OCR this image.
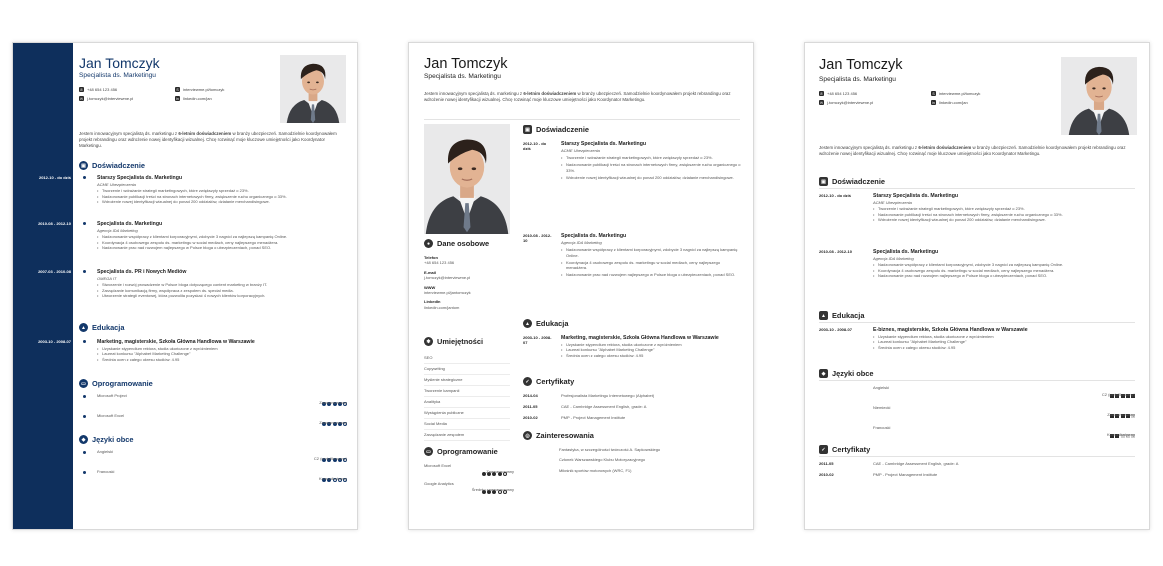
Jan Tomczyk
Specjalista ds. Marketingu
✆ +48 654 123 456	S	interviewme.pl/tomczyk
✉ j.tomczyk@interviewme.pl	in linkedin.com/jan
Jestem innowacyjnym specjalistą ds. marketingu z 6-letnim doświadczeniem w branży ubezpieczeń. Samodzielnie koordynowałem projekt rebrandingu oraz wdrożenie nowej identyfikacji wizualnej. Chcę rozwinąć moje kluczowe umiejętności jako Koordynator Marketingu.
▣ Doświadczenie
2012-10 - do dziś	Starszy Specjalista ds. Marketingu
ACME Ubezpieczenia
• Tworzenie i wdrażanie strategii marketingowych, które zwiększyły sprzedaż o 23%.
• Nadzorowanie publikacji treści na stronach internetowych firmy, zwiększenie ruchu organicznego o 33%.
• Wdrożenie nowej identyfikacji wizualnej do ponad 200 oddziałów, działanie merchandisingowe.
2010-08 - 2012-10	Specjalista ds. Marketingu
Agencja IDA Marketing
• Nadzorowanie współpracy z klientami korporacyjnymi, zdobycie 3 nagród za najlepszą kampanię Online.
• Koordynacja 4 osobowego zespołu ds. marketingu w social mediach, ceny najlepszego menadżera.
• Nadzorowanie prac nad rozwojem najlepszego w Polsce bloga o ubezpieczeniach, ponad SEO.
2007-03 - 2010-08	Specjalista ds. PR i Nowych Mediów
OMEGA IT
• Stworzenie i rozwój prowadzenie w Polsce bloga dotyczącego content marketing w branży IT.
• Zarządzanie komunikacją firmy, współpraca z zespołem ds. special media.
• Utworzenie strategii eventowej, która pozwoliła pozyskać 4 nowych klientów korporacyjnych.
▲ Edukacja
2003-10 - 2008-07	Marketing, magisterskie, Szkoła Główna Handlowa w Warszawie
• Uzyskanie stypendium rektora, studia ukończone z wyróżnieniem
• Laureat konkursu "Alphabet Marketing Challenge"
• Średnia ocen z całego okresu studiów: 4.95
▭ Oprogramowanie
Microsoft Project
Zaawansowany
Microsoft Excel
Zaawansowany
◆ Języki obce
Angielski
C2 (certyfikowany)
Francuski
Komunikatywny
Jan Tomczyk
Specjalista ds. Marketingu
Jestem innowacyjnym specjalistą ds. marketingu z 6-letnim doświadczeniem w branży ubezpieczeń. Samodzielnie koordynowałem projekt rebrandingu oraz wdrożenie nowej identyfikacji wizualnej. Chcę rozwinąć moje kluczowe umiejętności jako Koordynator Marketingu.
● Dane osobowe
Telefon
+48 654 123 456
E-mail
j.tomczyk@interviewme.pl
WWW
interviewme.pl/jantomczyk
LinkedIn
linkedin.com/jantom
✱ Umiejętności
SEO
Copywriting
Myślenie strategiczne
Tworzenie kampanii
Analityka
Wystąpienia publiczne
Social Media
Zarządzanie zespołem
▭ Oprogramowanie
Microsoft Excel
Zaawansowany
Google Analytics
Średnio zaawansowany
▣ Doświadczenie
2012-10 - do dziś
Starszy Specjalista ds. Marketingu
ACME Ubezpieczenia
• Tworzenie i wdrażanie strategii marketingowych, które zwiększyły sprzedaż o 23%.
• Nadzorowanie publikacji treści na stronach internetowych firmy, zwiększenie ruchu organicznego o 33%.
• Wdrożenie nowej identyfikacji wizualnej do ponad 200 oddziałów, działanie merchandisingowe.
2010-08 - 2012-10
Specjalista ds. Marketingu
Agencja IDA Marketing
• Nadzorowanie współpracy z klientami korporacyjnymi, zdobycie 3 nagród za najlepszą kampanię Online.
• Koordynacja 4 osobowego zespołu ds. marketingu w social mediach, ceny najlepszego menadżera.
• Nadzorowanie prac nad rozwojem najlepszego w Polsce bloga o ubezpieczeniach, ponad SEO.
▲ Edukacja
2003-10 - 2008-07
Marketing, magisterskie, Szkoła Główna Handlowa w Warszawie
• Uzyskanie stypendium rektora, studia ukończone z wyróżnieniem
• Laureat konkursu "Alphabet Marketing Challenge"
• Średnia ocen z całego okresu studiów: 4.95
✓ Certyfikaty
2014-04	Profesjonalista Marketingu Internetowego (Alphabet)
2011-05	CAE - Cambridge Assessment English, grade: A
2010-02	PMP - Project Management Institute
◎ Zainteresowania
Fantastyka, w szczególności twórczość A. Sapkowskiego
Członek Warszawskiego Klubu Motoryzacyjnego
Miłośnik sportów motorowych (WRC, F1)
Jan Tomczyk
Specjalista ds. Marketingu
✆ +48 654 123 456	S	interviewme.pl/tomczyk
✉ j.tomczyk@interviewme.pl	in linkedin.com/jan
Jestem innowacyjnym specjalistą ds. marketingu z 6-letnim doświadczeniem w branży ubezpieczeń. Samodzielnie koordynowałem projekt rebrandingu oraz wdrożenie nowej identyfikacji wizualnej. Chcę rozwinąć moje kluczowe umiejętności jako Koordynator Marketingu.
▣ Doświadczenie
2012-10 - do dziś	Starszy Specjalista ds. Marketingu
ACME Ubezpieczenia
• Tworzenie i wdrażanie strategii marketingowych, które zwiększyły sprzedaż o 23%.
• Nadzorowanie publikacji treści na stronach internetowych firmy, zwiększenie ruchu organicznego o 33%.
• Wdrożenie nowej identyfikacji wizualnej do ponad 200 oddziałów, działanie merchandisingowe.
2010-08 - 2012-10	Specjalista ds. Marketingu
Agencja IDA Marketing
• Nadzorowanie współpracy z klientami korporacyjnymi, zdobycie 3 nagród za najlepszą kampanię Online.
• Koordynacja 4 osobowego zespołu ds. marketingu w social mediach, ceny najlepszego menadżera.
• Nadzorowanie prac nad rozwojem najlepszego w Polsce bloga o ubezpieczeniach, ponad SEO.
▲ Edukacja
2003-10 - 2008-07	E-biznes, magisterskie, Szkoła Główna Handlowa w Warszawie
• Uzyskanie stypendium rektora, studia ukończone z wyróżnieniem
• Laureat konkursu "Alphabet Marketing Challenge"
• Średnia ocen z całego okresu studiów: 4.95
◆ Języki obce
Angielski
C2 (certyfikowany)
Niemiecki
Zaawansowany
Francuski
Komunikatywny
✓ Certyfikaty
2011-05	CAE - Cambridge Assessment English, grade: A
2010-02	PMP - Project Management Institute
